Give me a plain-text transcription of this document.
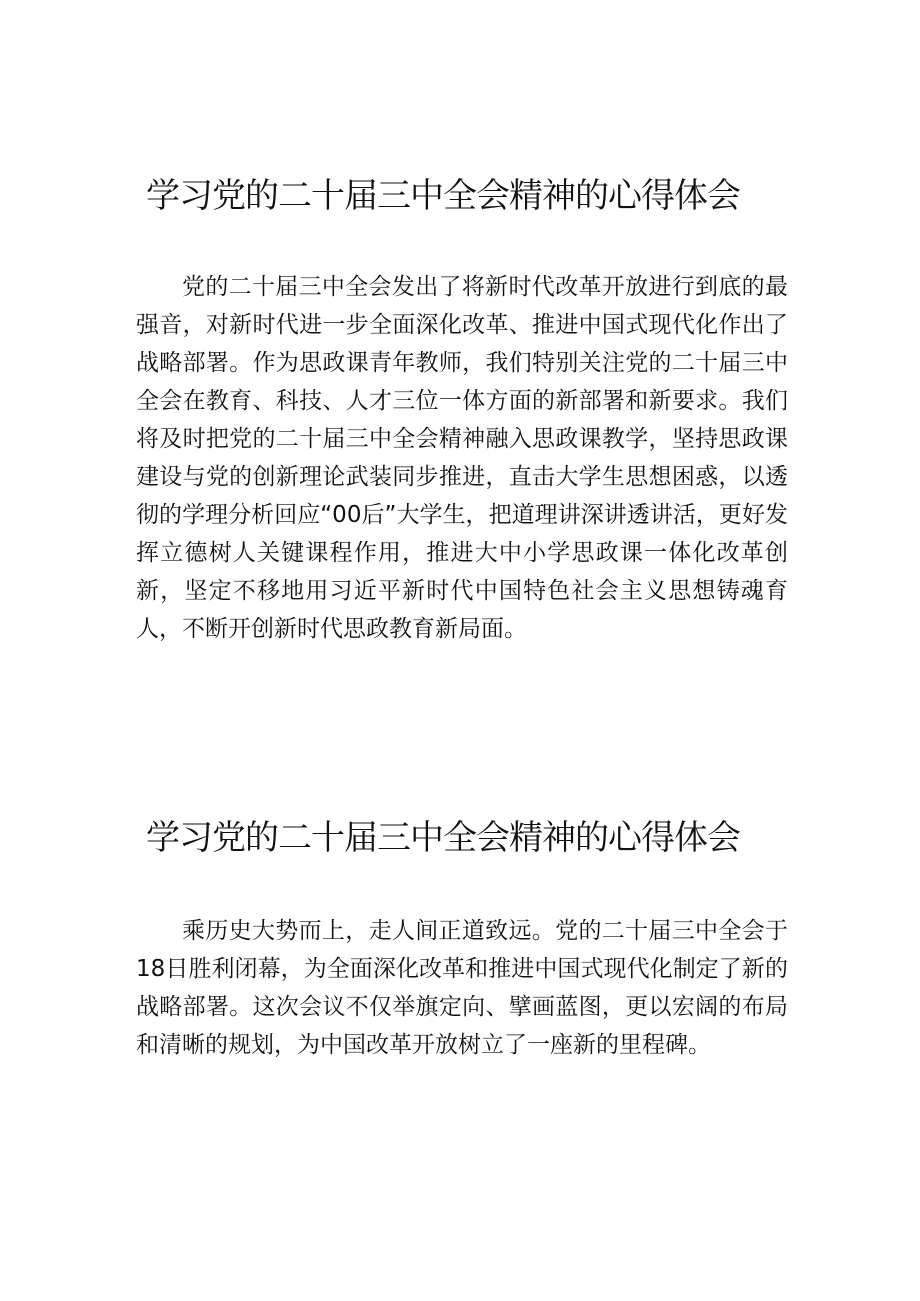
学习党的二十届三中全会精神的心得体会

党的二十届三中全会发出了将新时代改革开放进行到底的最强音，对新时代进一步全面深化改革、推进中国式现代化作出了战略部署。作为思政课青年教师，我们特别关注党的二十届三中全会在教育、科技、人才三位一体方面的新部署和新要求。我们将及时把党的二十届三中全会精神融入思政课教学，坚持思政课建设与党的创新理论武装同步推进，直击大学生思想困惑，以透彻的学理分析回应“00后”大学生，把道理讲深讲透讲活，更好发挥立德树人关键课程作用，推进大中小学思政课一体化改革创新，坚定不移地用习近平新时代中国特色社会主义思想铸魂育人，不断开创新时代思政教育新局面。

学习党的二十届三中全会精神的心得体会

乘历史大势而上，走人间正道致远。党的二十届三中全会于18日胜利闭幕，为全面深化改革和推进中国式现代化制定了新的战略部署。这次会议不仅举旗定向、擘画蓝图，更以宏阔的布局和清晰的规划，为中国改革开放树立了一座新的里程碑。
